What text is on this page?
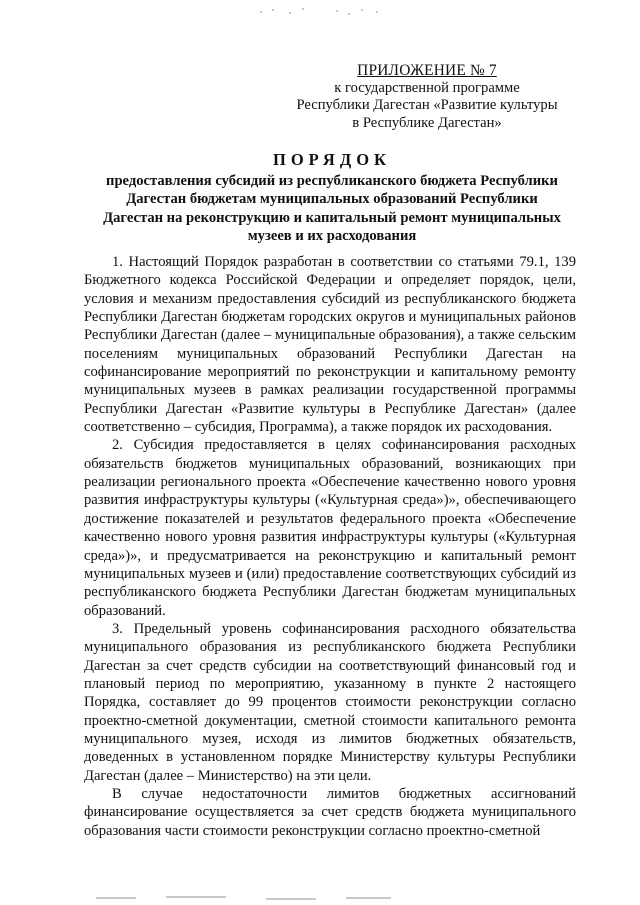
ПРИЛОЖЕНИЕ № 7
к государственной программе
Республики Дагестан «Развитие культуры
в Республике Дагестан»
ПОРЯДОК
предоставления субсидий из республиканского бюджета Республики
Дагестан бюджетам муниципальных образований Республики
Дагестан на реконструкцию и капитальный ремонт муниципальных
музеев и их расходования

1. Настоящий Порядок разработан в соответствии со статьями 79.1, 139 Бюджетного кодекса Российской Федерации и определяет порядок, цели, условия и механизм предоставления субсидий из республиканского бюджета Республики Дагестан бюджетам городских округов и муниципальных районов Республики Дагестан (далее – муниципальные образования), а также сельским поселениям муниципальных образований Республики Дагестан на софинансирование мероприятий по реконструкции и капитальному ремонту муниципальных музеев в рамках реализации государственной программы Республики Дагестан «Развитие культуры в Республике Дагестан» (далее соответственно – субсидия, Программа), а также порядок их расходования.

2. Субсидия предоставляется в целях софинансирования расходных обязательств бюджетов муниципальных образований, возникающих при реализации регионального проекта «Обеспечение качественно нового уровня развития инфраструктуры культуры («Культурная среда»)», обеспечивающего достижение показателей и результатов федерального проекта «Обеспечение качественно нового уровня развития инфраструктуры культуры («Культурная среда»)», и предусматривается на реконструкцию и капитальный ремонт муниципальных музеев и (или) предоставление соответствующих субсидий из республиканского бюджета Республики Дагестан бюджетам муниципальных образований.

3. Предельный уровень софинансирования расходного обязательства муниципального образования из республиканского бюджета Республики Дагестан за счет средств субсидии на соответствующий финансовый год и плановый период по мероприятию, указанному в пункте 2 настоящего Порядка, составляет до 99 процентов стоимости реконструкции согласно проектно-сметной документации, сметной стоимости капитального ремонта муниципального музея, исходя из лимитов бюджетных обязательств, доведенных в установленном порядке Министерству культуры Республики Дагестан (далее – Министерство) на эти цели.

В случае недостаточности лимитов бюджетных ассигнований финансирование осуществляется за счет средств бюджета муниципального образования части стоимости реконструкции согласно проектно-сметной
